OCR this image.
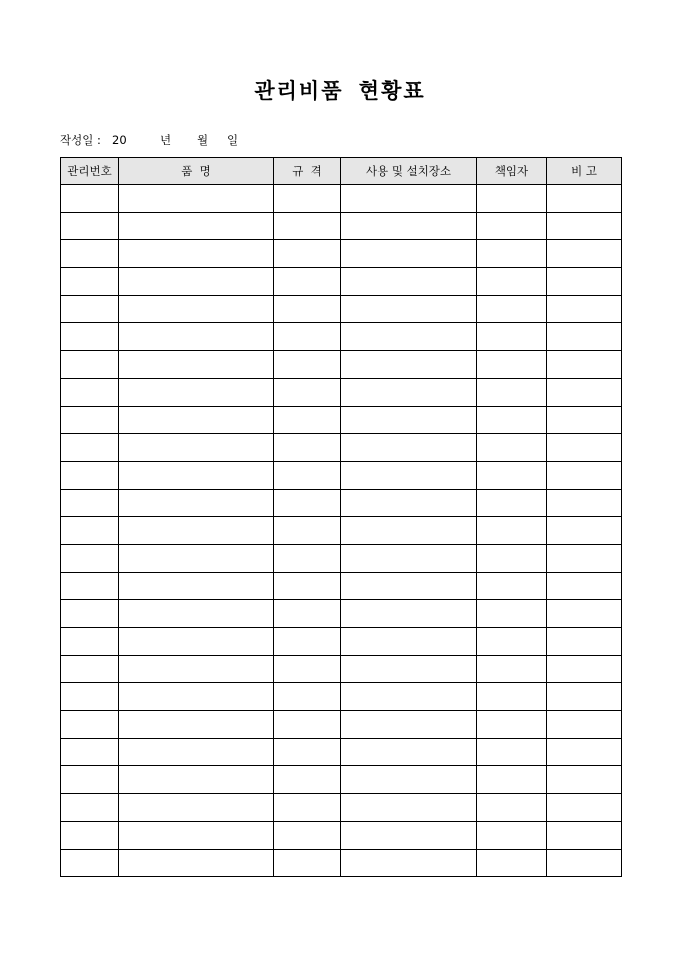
관리비품 현황표
작성일 : 20	년 월 일
관리번호	품  명	규  격	사용 및 설치장소	책임자	비 고
